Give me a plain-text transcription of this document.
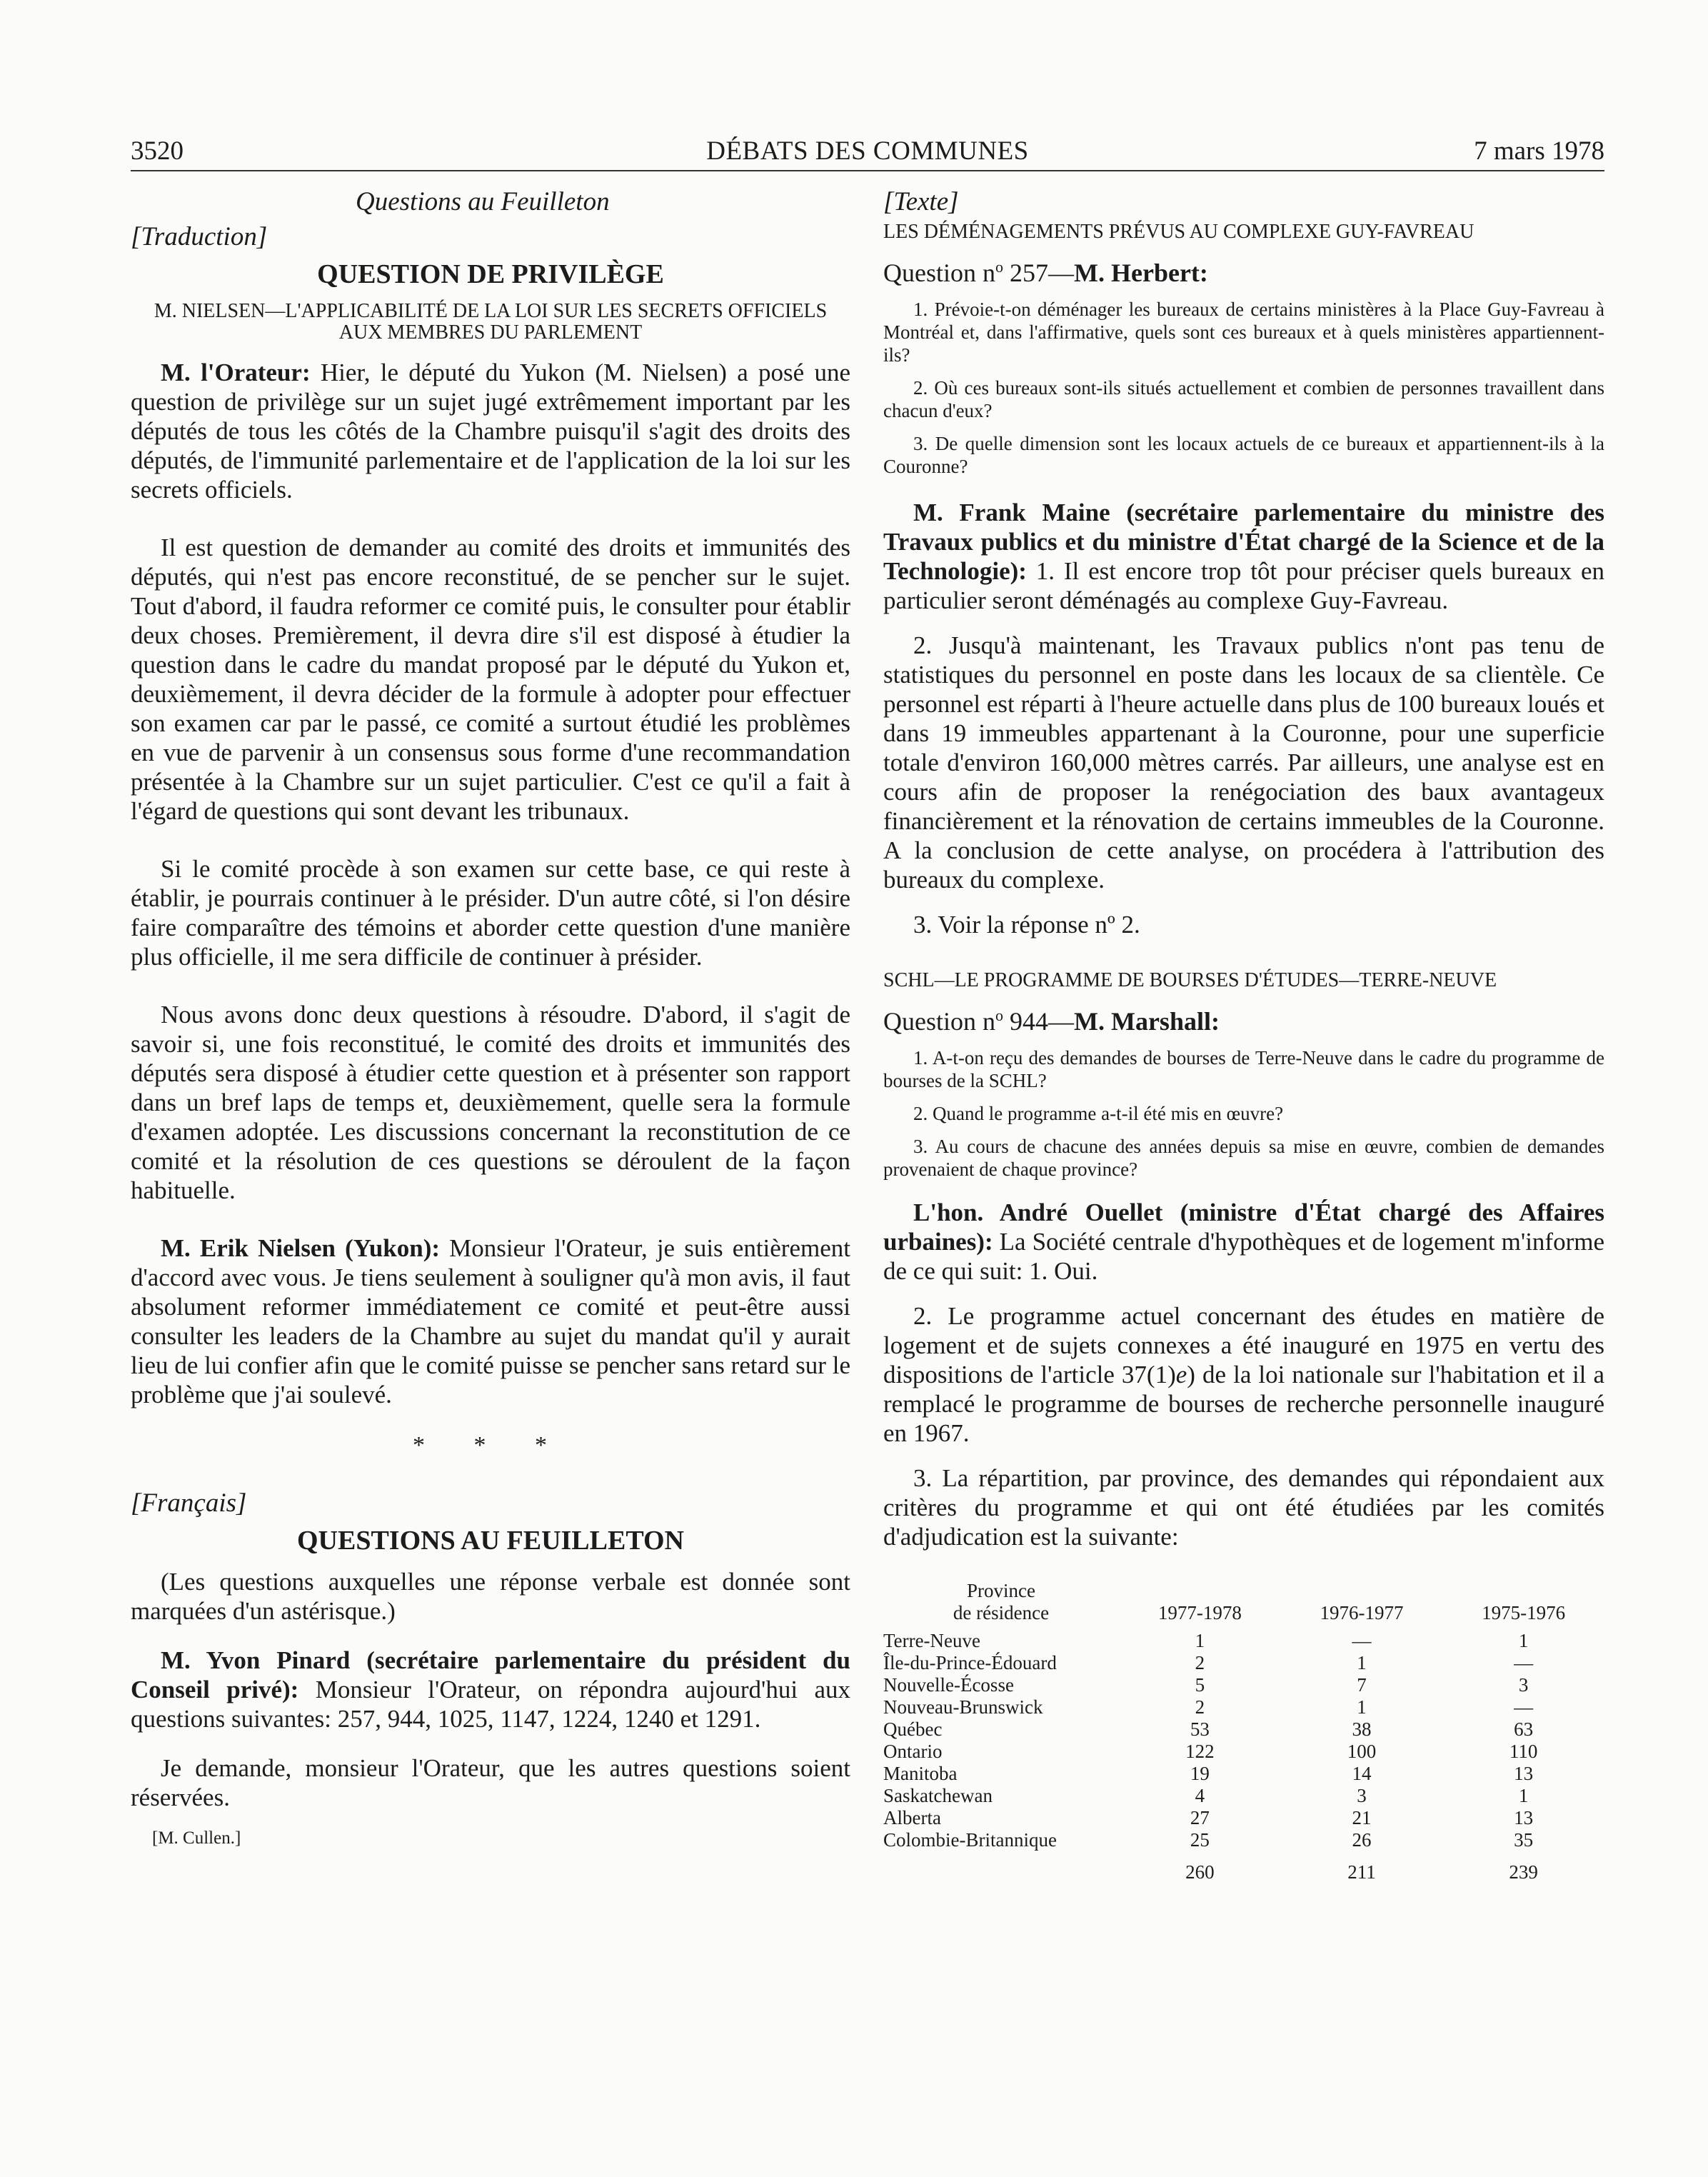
3520	DÉBATS DES COMMUNES	7 mars 1978

Questions au Feuilleton

[Traduction]

QUESTION DE PRIVILÈGE

M. NIELSEN—L'APPLICABILITÉ DE LA LOI SUR LES SECRETS OFFICIELS AUX MEMBRES DU PARLEMENT

M. l'Orateur: Hier, le député du Yukon (M. Nielsen) a posé une question de privilège sur un sujet jugé extrêmement important par les députés de tous les côtés de la Chambre puisqu'il s'agit des droits des députés, de l'immunité parlementaire et de l'application de la loi sur les secrets officiels.

Il est question de demander au comité des droits et immunités des députés, qui n'est pas encore reconstitué, de se pencher sur le sujet. Tout d'abord, il faudra reformer ce comité puis, le consulter pour établir deux choses. Premièrement, il devra dire s'il est disposé à étudier la question dans le cadre du mandat proposé par le député du Yukon et, deuxièmement, il devra décider de la formule à adopter pour effectuer son examen car par le passé, ce comité a surtout étudié les problèmes en vue de parvenir à un consensus sous forme d'une recommandation présentée à la Chambre sur un sujet particulier. C'est ce qu'il a fait à l'égard de questions qui sont devant les tribunaux.

Si le comité procède à son examen sur cette base, ce qui reste à établir, je pourrais continuer à le présider. D'un autre côté, si l'on désire faire comparaître des témoins et aborder cette question d'une manière plus officielle, il me sera difficile de continuer à présider.

Nous avons donc deux questions à résoudre. D'abord, il s'agit de savoir si, une fois reconstitué, le comité des droits et immunités des députés sera disposé à étudier cette question et à présenter son rapport dans un bref laps de temps et, deuxièmement, quelle sera la formule d'examen adoptée. Les discussions concernant la reconstitution de ce comité et la résolution de ces questions se déroulent de la façon habituelle.

M. Erik Nielsen (Yukon): Monsieur l'Orateur, je suis entièrement d'accord avec vous. Je tiens seulement à souligner qu'à mon avis, il faut absolument reformer immédiatement ce comité et peut-être aussi consulter les leaders de la Chambre au sujet du mandat qu'il y aurait lieu de lui confier afin que le comité puisse se pencher sans retard sur le problème que j'ai soulevé.

* * *

[Français]

QUESTIONS AU FEUILLETON

(Les questions auxquelles une réponse verbale est donnée sont marquées d'un astérisque.)

M. Yvon Pinard (secrétaire parlementaire du président du Conseil privé): Monsieur l'Orateur, on répondra aujourd'hui aux questions suivantes: 257, 944, 1025, 1147, 1224, 1240 et 1291.

Je demande, monsieur l'Orateur, que les autres questions soient réservées.

[M. Cullen.]

[Texte]

LES DÉMÉNAGEMENTS PRÉVUS AU COMPLEXE GUY-FAVREAU

Question $n^o$ 257—M. Herbert:

1. Prévoie-t-on déménager les bureaux de certains ministères à la Place Guy-Favreau à Montréal et, dans l'affirmative, quels sont ces bureaux et à quels ministères appartiennent-ils?

2. Où ces bureaux sont-ils situés actuellement et combien de personnes travaillent dans chacun d'eux?

3. De quelle dimension sont les locaux actuels de ce bureaux et appartiennent-ils à la Couronne?

M. Frank Maine (secrétaire parlementaire du ministre des Travaux publics et du ministre d'État chargé de la Science et de la Technologie): 1. Il est encore trop tôt pour préciser quels bureaux en particulier seront déménagés au complexe Guy-Favreau.

2. Jusqu'à maintenant, les Travaux publics n'ont pas tenu de statistiques du personnel en poste dans les locaux de sa clientèle. Ce personnel est réparti à l'heure actuelle dans plus de 100 bureaux loués et dans 19 immeubles appartenant à la Couronne, pour une superficie totale d'environ 160,000 mètres carrés. Par ailleurs, une analyse est en cours afin de proposer la renégociation des baux avantageux financièrement et la rénovation de certains immeubles de la Couronne. A la conclusion de cette analyse, on procédera à l'attribution des bureaux du complexe.

3. Voir la réponse nº 2.

SCHL—LE PROGRAMME DE BOURSES D'ÉTUDES—TERRE-NEUVE

Question $n^o$ 944—M. Marshall:

1. A-t-on reçu des demandes de bourses de Terre-Neuve dans le cadre du programme de bourses de la SCHL?

2. Quand le programme a-t-il été mis en œuvre?

3. Au cours de chacune des années depuis sa mise en œuvre, combien de demandes provenaient de chaque province?

L'hon. André Ouellet (ministre d'État chargé des Affaires urbaines): La Société centrale d'hypothèques et de logement m'informe de ce qui suit: 1. Oui.

2. Le programme actuel concernant des études en matière de logement et de sujets connexes a été inauguré en 1975 en vertu des dispositions de l'article 37(1)e) de la loi nationale sur l'habitation et il a remplacé le programme de bourses de recherche personnelle inauguré en 1967.

3. La répartition, par province, des demandes qui répondaient aux critères du programme et qui ont été étudiées par les comités d'adjudication est la suivante:

Province
de résidence	1977-1978	1976-1977	1975-1976
Terre-Neuve	1	—	1
Île-du-Prince-Édouard	2	1	—
Nouvelle-Écosse	5	7	3
Nouveau-Brunswick	2	1	—
Québec	53	38	63
Ontario	122	100	110
Manitoba	19	14	13
Saskatchewan	4	3	1
Alberta	27	21	13
Colombie-Britannique	25	26	35
	260	211	239
